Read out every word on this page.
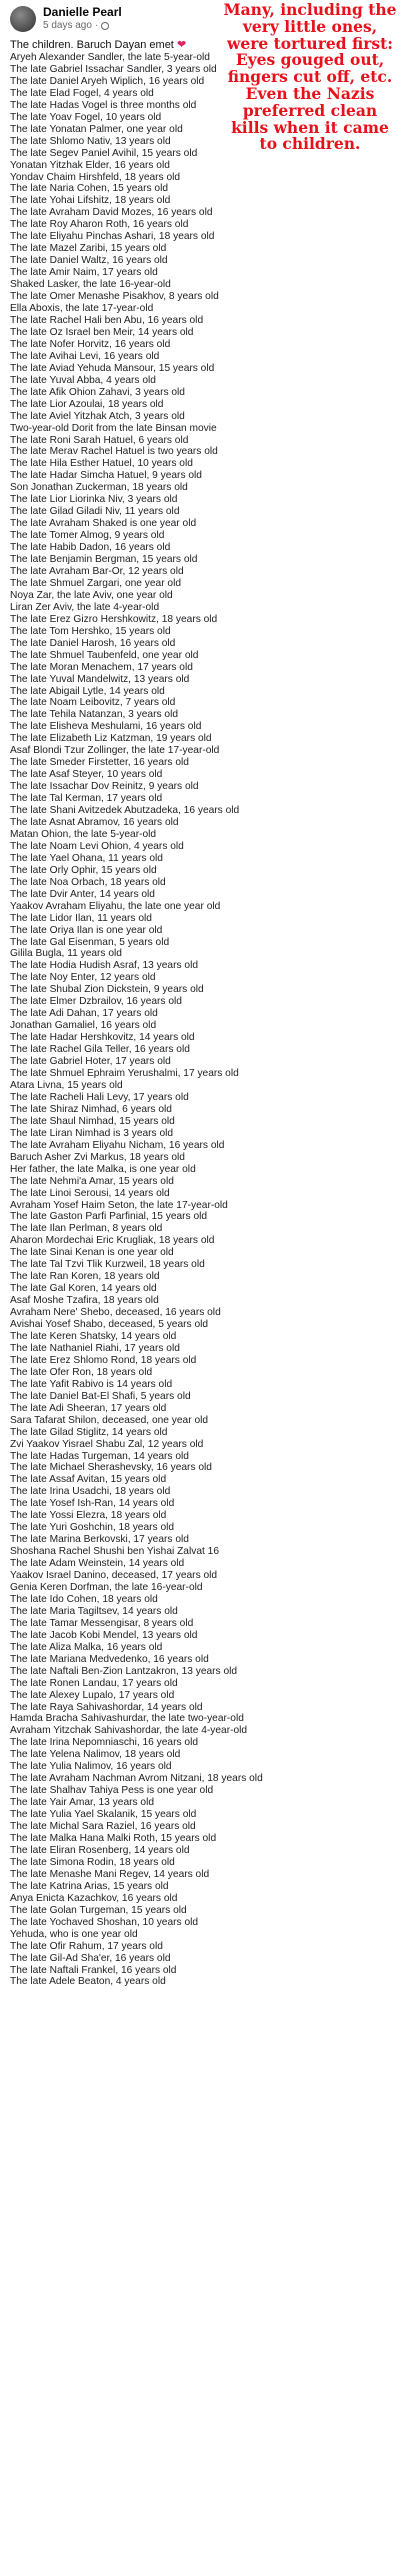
Danielle Pearl
5 days ago ·
The children. Baruch Dayan emet ❤
Aryeh Alexander Sandler, the late 5-year-old
The late Gabriel Issachar Sandler, 3 years old
The late Daniel Aryeh Wiplich, 16 years old
The late Elad Fogel, 4 years old
The late Hadas Vogel is three months old
The late Yoav Fogel, 10 years old
The late Yonatan Palmer, one year old
The late Shlomo Nativ, 13 years old
The late Segev Paniel Avihil, 15 years old
Yonatan Yitzhak Elder, 16 years old
Yondav Chaim Hirshfeld, 18 years old
The late Naria Cohen, 15 years old
The late Yohai Lifshitz, 18 years old
The late Avraham David Mozes, 16 years old
The late Roy Aharon Roth, 16 years old
The late Eliyahu Pinchas Ashari, 18 years old
The late Mazel Zaribi, 15 years old
The late Daniel Waltz, 16 years old
The late Amir Naim, 17 years old
Shaked Lasker, the late 16-year-old
The late Omer Menashe Pisakhov, 8 years old
Ella Aboxis, the late 17-year-old
The late Rachel Hali ben Abu, 16 years old
The late Oz Israel ben Meir, 14 years old
The late Nofer Horvitz, 16 years old
The late Avihai Levi, 16 years old
The late Aviad Yehuda Mansour, 15 years old
The late Yuval Abba, 4 years old
The late Afik Ohion Zahavi, 3 years old
The late Lior Azoulai, 18 years old
The late Aviel Yitzhak Atch, 3 years old
Two-year-old Dorit from the late Binsan movie
The late Roni Sarah Hatuel, 6 years old
The late Merav Rachel Hatuel is two years old
The late Hila Esther Hatuel, 10 years old
The late Hadar Simcha Hatuel, 9 years old
Son Jonathan Zuckerman, 18 years old
The late Lior Liorinka Niv, 3 years old
The late Gilad Giladi Niv, 11 years old
The late Avraham Shaked is one year old
The late Tomer Almog, 9 years old
The late Habib Dadon, 16 years old
The late Benjamin Bergman, 15 years old
The late Avraham Bar-Or, 12 years old
The late Shmuel Zargari, one year old
Noya Zar, the late Aviv, one year old
Liran Zer Aviv, the late 4-year-old
The late Erez Gizro Hershkowitz, 18 years old
The late Tom Hershko, 15 years old
The late Daniel Harosh, 16 years old
The late Shmuel Taubenfeld, one year old
The late Moran Menachem, 17 years old
The late Yuval Mandelwitz, 13 years old
The late Abigail Lytle, 14 years old
The late Noam Leibovitz, 7 years old
The late Tehila Natanzan, 3 years old
The late Elisheva Meshulami, 16 years old
The late Elizabeth Liz Katzman, 19 years old
Asaf Blondi Tzur Zollinger, the late 17-year-old
The late Smeder Firstetter, 16 years old
The late Asaf Steyer, 10 years old
The late Issachar Dov Reinitz, 9 years old
The late Tal Kerman, 17 years old
The late Shani Avitzedek Abutzadeka, 16 years old
The late Asnat Abramov, 16 years old
Matan Ohion, the late 5-year-old
The late Noam Levi Ohion, 4 years old
The late Yael Ohana, 11 years old
The late Orly Ophir, 15 years old
The late Noa Orbach, 18 years old
The late Dvir Anter, 14 years old
Yaakov Avraham Eliyahu, the late one year old
The late Lidor Ilan, 11 years old
The late Oriya Ilan is one year old
The late Gal Eisenman, 5 years old
Gilila Bugla, 11 years old
The late Hodia Hudish Asraf, 13 years old
The late Noy Enter, 12 years old
The late Shubal Zion Dickstein, 9 years old
The late Elmer Dzbrailov, 16 years old
The late Adi Dahan, 17 years old
Jonathan Gamaliel, 16 years old
The late Hadar Hershkovitz, 14 years old
The late Rachel Gila Teller, 16 years old
The late Gabriel Hoter, 17 years old
The late Shmuel Ephraim Yerushalmi, 17 years old
Atara Livna, 15 years old
The late Racheli Hali Levy, 17 years old
The late Shiraz Nimhad, 6 years old
The late Shaul Nimhad, 15 years old
The late Liran Nimhad is 3 years old
The late Avraham Eliyahu Nicham, 16 years old
Baruch Asher Zvi Markus, 18 years old
Her father, the late Malka, is one year old
The late Nehmi'a Amar, 15 years old
The late Linoi Serousi, 14 years old
Avraham Yosef Haim Seton, the late 17-year-old
The late Gaston Parfi Parfinial, 15 years old
The late Ilan Perlman, 8 years old
Aharon Mordechai Eric Krugliak, 18 years old
The late Sinai Kenan is one year old
The late Tal Tzvi Tlik Kurzweil, 18 years old
The late Ran Koren, 18 years old
The late Gal Koren, 14 years old
Asaf Moshe Tzafira, 18 years old
Avraham Nere' Shebo, deceased, 16 years old
Avishai Yosef Shabo, deceased, 5 years old
The late Keren Shatsky, 14 years old
The late Nathaniel Riahi, 17 years old
The late Erez Shlomo Rond, 18 years old
The late Ofer Ron, 18 years old
The late Yafit Rabivo is 14 years old
The late Daniel Bat-El Shafi, 5 years old
The late Adi Sheeran, 17 years old
Sara Tafarat Shilon, deceased, one year old
The late Gilad Stiglitz, 14 years old
Zvi Yaakov Yisrael Shabu Zal, 12 years old
The late Hadas Turgeman, 14 years old
The late Michael Sherashevsky, 16 years old
The late Assaf Avitan, 15 years old
The late Irina Usadchi, 18 years old
The late Yosef Ish-Ran, 14 years old
The late Yossi Elezra, 18 years old
The late Yuri Goshchin, 18 years old
The late Marina Berkovski, 17 years old
Shoshana Rachel Shushi ben Yishai Zalvat 16
The late Adam Weinstein, 14 years old
Yaakov Israel Danino, deceased, 17 years old
Genia Keren Dorfman, the late 16-year-old
The late Ido Cohen, 18 years old
The late Maria Tagiltsev, 14 years old
The late Tamar Messengisar, 8 years old
The late Jacob Kobi Mendel, 13 years old
The late Aliza Malka, 16 years old
The late Mariana Medvedenko, 16 years old
The late Naftali Ben-Zion Lantzakron, 13 years old
The late Ronen Landau, 17 years old
The late Alexey Lupalo, 17 years old
The late Raya Sahivashordar, 14 years old
Hamda Bracha Sahivashurdar, the late two-year-old
Avraham Yitzchak Sahivashordar, the late 4-year-old
The late Irina Nepomniaschi, 16 years old
The late Yelena Nalimov, 18 years old
The late Yulia Nalimov, 16 years old
The late Avraham Nachman Avrom Nitzani, 18 years old
The late Shalhav Tahiya Pess is one year old
The late Yair Amar, 13 years old
The late Yulia Yael Skalanik, 15 years old
The late Michal Sara Raziel, 16 years old
The late Malka Hana Malki Roth, 15 years old
The late Eliran Rosenberg, 14 years old
The late Simona Rodin, 18 years old
The late Menashe Mani Regev, 14 years old
The late Katrina Arias, 15 years old
Anya Enicta Kazachkov, 16 years old
The late Golan Turgeman, 15 years old
The late Yochaved Shoshan, 10 years old
Yehuda, who is one year old
The late Ofir Rahum, 17 years old
The late Gil-Ad Sha'er, 16 years old
The late Naftali Frankel, 16 years old
The late Adele Beaton, 4 years old
Many, including the very little ones, were tortured first: Eyes gouged out, fingers cut off, etc. Even the Nazis preferred clean kills when it came to children.
